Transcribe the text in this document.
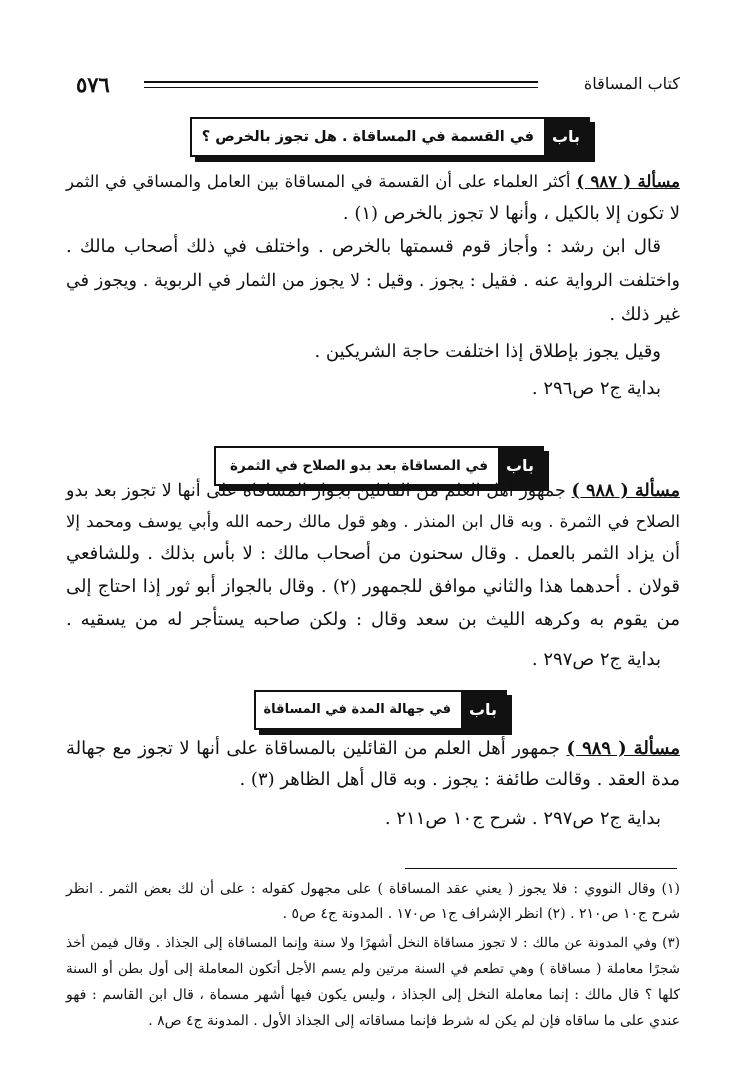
٥٧٦	كتاب المساقاة
باب
في القسمة في المساقاة . هل تجوز بالخرص ؟
مسألة ( ٩٨٧ ) أكثر العلماء على أن القسمة في المساقاة بين العامل والمساقي في الثمر
لا تكون إلا بالكيل ، وأنها لا تجوز بالخرص (١) .
قال ابن رشد : وأجاز قوم قسمتها بالخرص . واختلف في ذلك أصحاب مالك .
واختلفت الرواية عنه . فقيل : يجوز . وقيل : لا يجوز من الثمار في الربوية . ويجوز في
غير ذلك .
وقيل يجوز بإطلاق إذا اختلفت حاجة الشريكين .
بداية ج٢ ص٢٩٦ .
باب
في المساقاة بعد بدو الصلاح في الثمرة
مسألة ( ٩٨٨ ) جمهور أهل العلم من القائلين بجواز المساقاة على أنها لا تجوز بعد بدو
الصلاح في الثمرة . وبه قال ابن المنذر . وهو قول مالك رحمه الله وأبي يوسف ومحمد إلا
أن يزاد الثمر بالعمل . وقال سحنون من أصحاب مالك : لا بأس بذلك . وللشافعي
قولان . أحدهما هذا والثاني موافق للجمهور (٢) . وقال بالجواز أبو ثور إذا احتاج إلى
من يقوم به وكرهه الليث بن سعد وقال : ولكن صاحبه يستأجر له من يسقيه .
بداية ج٢ ص٢٩٧ .
باب
في جهالة المدة في المساقاة
مسألة ( ٩٨٩ ) جمهور أهل العلم من القائلين بالمساقاة على أنها لا تجوز مع جهالة
مدة العقد . وقالت طائفة : يجوز . وبه قال أهل الظاهر (٣) .
بداية ج٢ ص٢٩٧ . شرح ج١٠ ص٢١١ .
(١) وقال النووي : فلا يجوز ( يعني عقد المساقاة ) على مجهول كقوله : على أن لك بعض الثمر . انظر
شرح ج١٠ ص٢١٠ . (٢) انظر الإشراف ج١ ص١٧٠ . المدونة ج٤ ص٥ .
(٣) وفي المدونة عن مالك : لا تجوز مساقاة النخل أشهرًا ولا سنة وإنما المساقاة إلى الجذاذ . وقال فيمن أخذ
شجرًا معاملة ( مساقاة ) وهي تطعم في السنة مرتين ولم يسم الأجل أتكون المعاملة إلى أول بطن أو السنة
كلها ؟ قال مالك : إنما معاملة النخل إلى الجذاذ ، وليس يكون فيها أشهر مسماة ، قال ابن القاسم : فهو
عندي على ما ساقاه فإن لم يكن له شرط فإنما مساقاته إلى الجذاذ الأول . المدونة ج٤ ص٨ .
